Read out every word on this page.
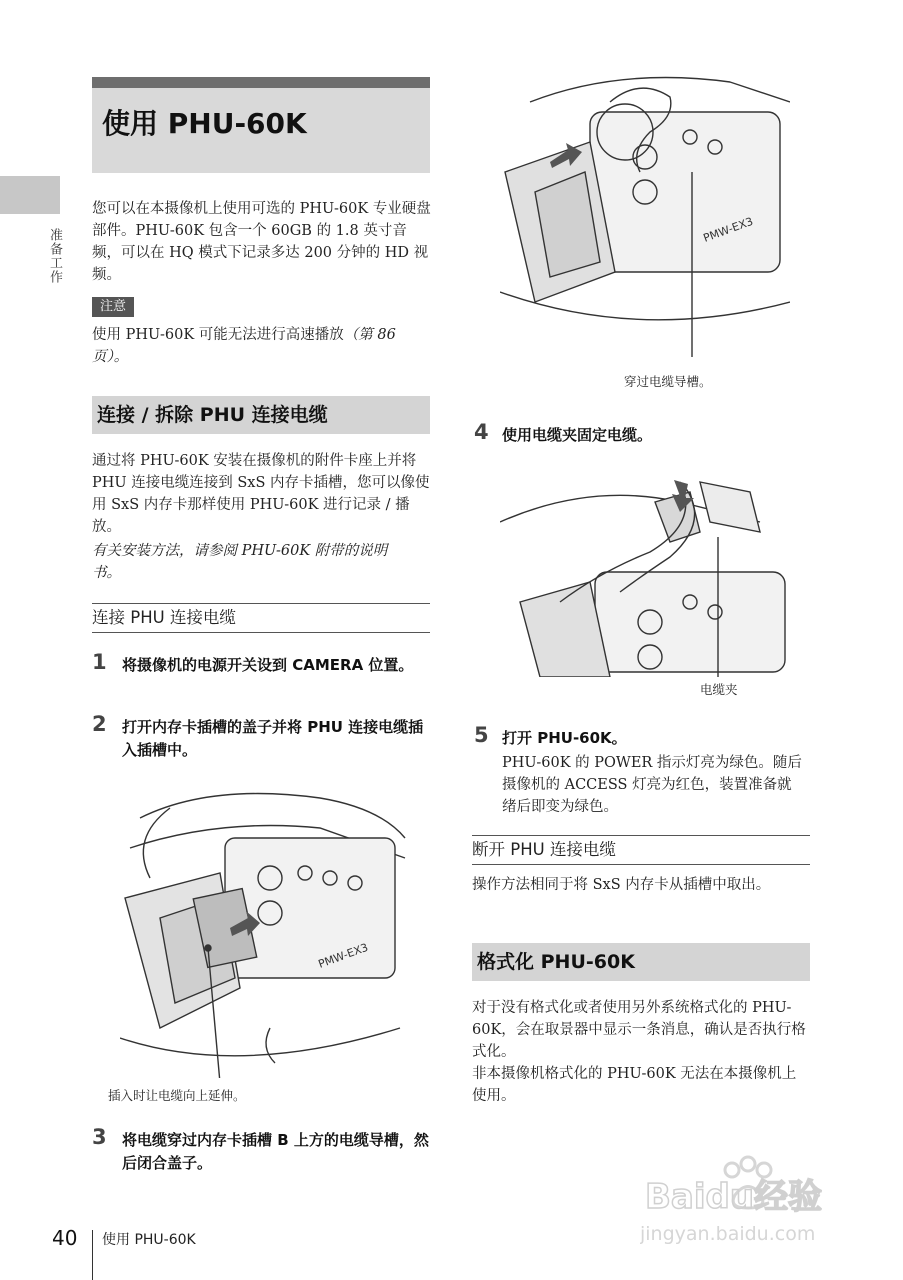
准备工作
使用 PHU-60K
您可以在本摄像机上使用可选的 PHU-60K 专业硬盘部件。PHU-60K 包含一个 60GB 的 1.8 英寸音频，可以在 HQ 模式下记录多达 200 分钟的 HD 视频。
注意
使用 PHU-60K 可能无法进行高速播放（第 86 页）。
连接 / 拆除 PHU 连接电缆
通过将 PHU-60K 安装在摄像机的附件卡座上并将 PHU 连接电缆连接到 SxS 内存卡插槽，您可以像使用 SxS 内存卡那样使用 PHU-60K 进行记录 / 播放。
有关安装方法，请参阅 PHU-60K 附带的说明书。
连接 PHU 连接电缆
1 将摄像机的电源开关设到 CAMERA 位置。
2 打开内存卡插槽的盖子并将 PHU 连接电缆插入插槽中。
PMW-EX3
插入时让电缆向上延伸。
3 将电缆穿过内存卡插槽 B 上方的电缆导槽，然后闭合盖子。
PMW-EX3
穿过电缆导槽。
4 使用电缆夹固定电缆。
电缆夹
5 打开 PHU-60K。
PHU-60K 的 POWER 指示灯亮为绿色。随后摄像机的 ACCESS 灯亮为红色，装置准备就绪后即变为绿色。
断开 PHU 连接电缆
操作方法相同于将 SxS 内存卡从插槽中取出。
格式化 PHU-60K
对于没有格式化或者使用另外系统格式化的 PHU-60K，会在取景器中显示一条消息，确认是否执行格式化。
非本摄像机格式化的 PHU-60K 无法在本摄像机上使用。
40 使用 PHU-60K
Baidu经验
jingyan.baidu.com
